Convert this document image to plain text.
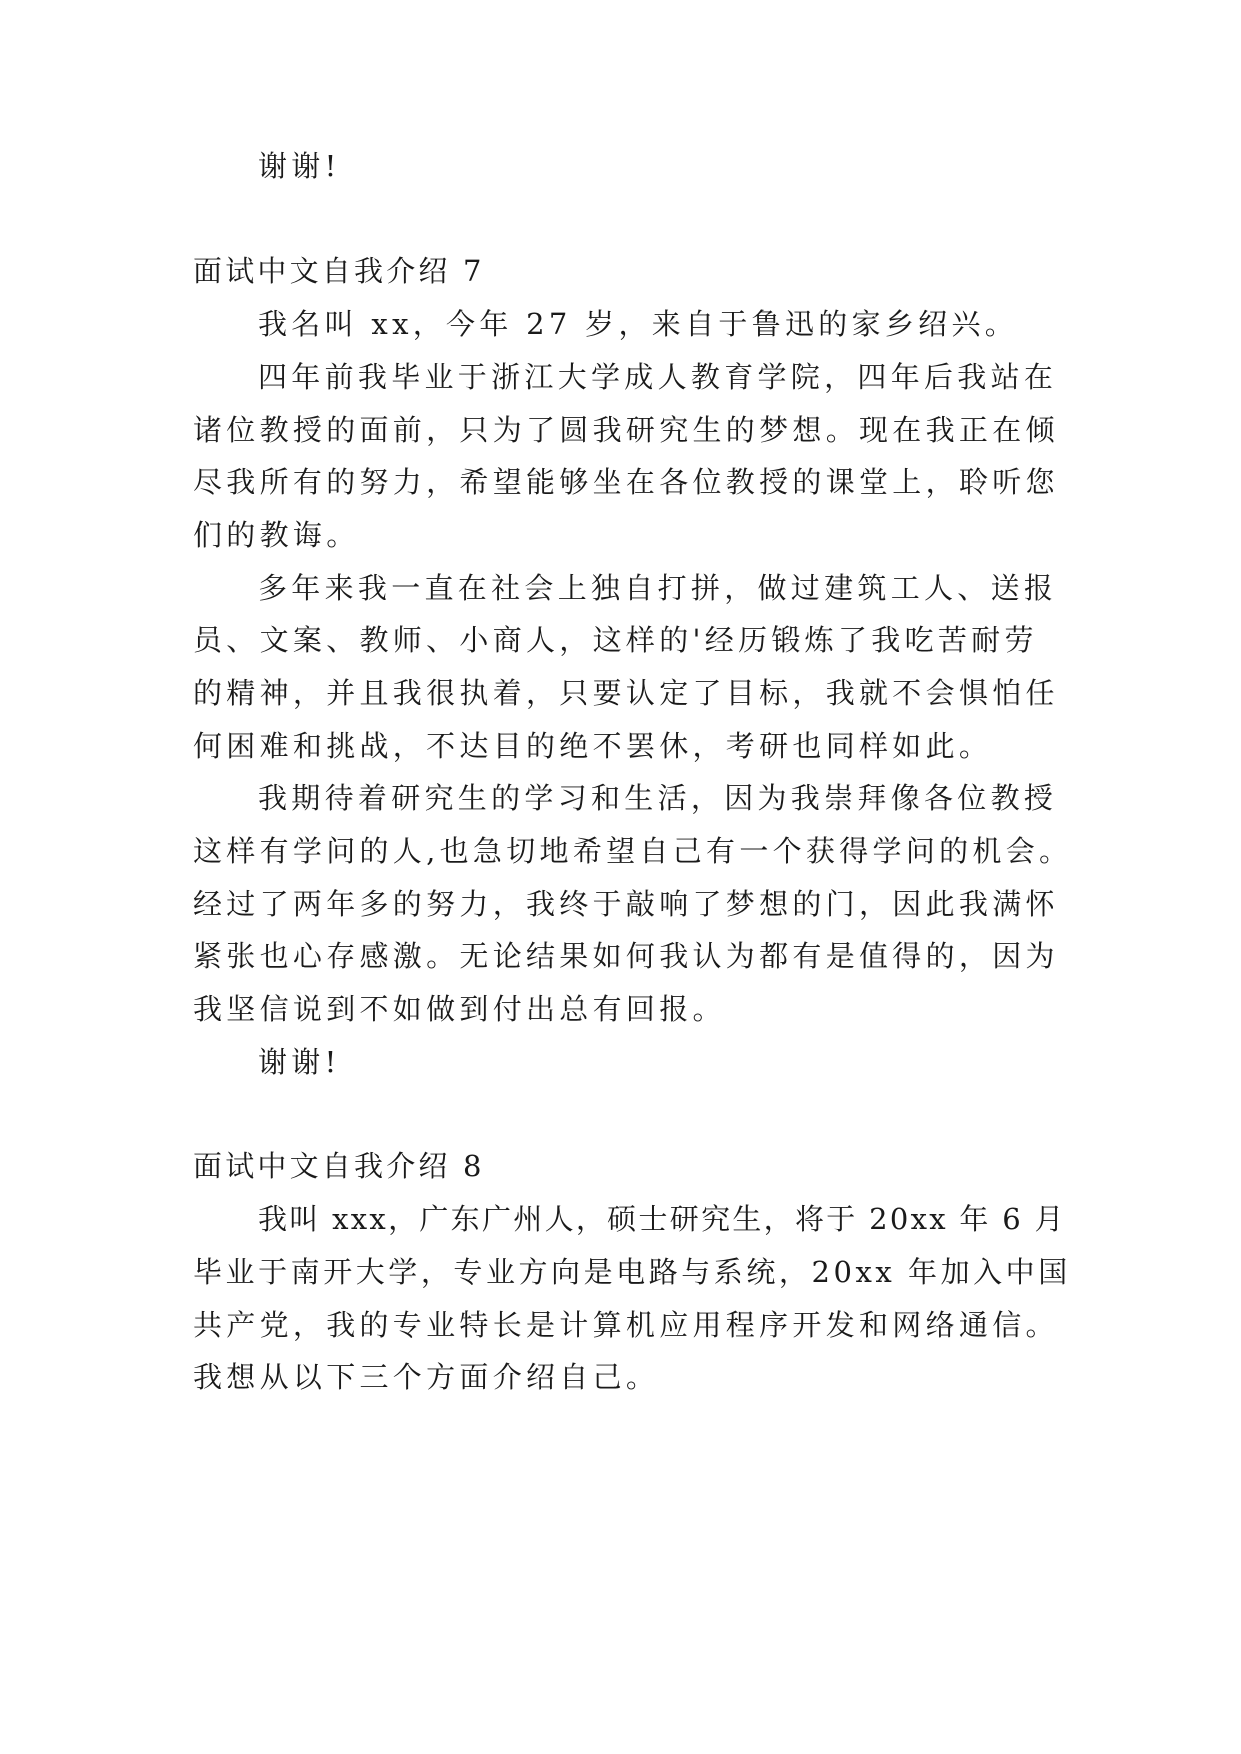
谢谢!
面试中文自我介绍 7
我名叫 xx，今年 27 岁，来自于鲁迅的家乡绍兴。
四年前我毕业于浙江大学成人教育学院，四年后我站在
诸位教授的面前，只为了圆我研究生的梦想。现在我正在倾
尽我所有的努力，希望能够坐在各位教授的课堂上，聆听您
们的教诲。
多年来我一直在社会上独自打拼，做过建筑工人、送报
员、文案、教师、小商人，这样的'经历锻炼了我吃苦耐劳
的精神，并且我很执着，只要认定了目标，我就不会惧怕任
何困难和挑战，不达目的绝不罢休，考研也同样如此。
我期待着研究生的学习和生活，因为我崇拜像各位教授
这样有学问的人,也急切地希望自己有一个获得学问的机会。
经过了两年多的努力，我终于敲响了梦想的门，因此我满怀
紧张也心存感激。无论结果如何我认为都有是值得的，因为
我坚信说到不如做到付出总有回报。
谢谢!
面试中文自我介绍 8
我叫 xxx，广东广州人，硕士研究生，将于 20xx 年 6 月
毕业于南开大学，专业方向是电路与系统，20xx 年加入中国
共产党，我的专业特长是计算机应用程序开发和网络通信。
我想从以下三个方面介绍自己。
